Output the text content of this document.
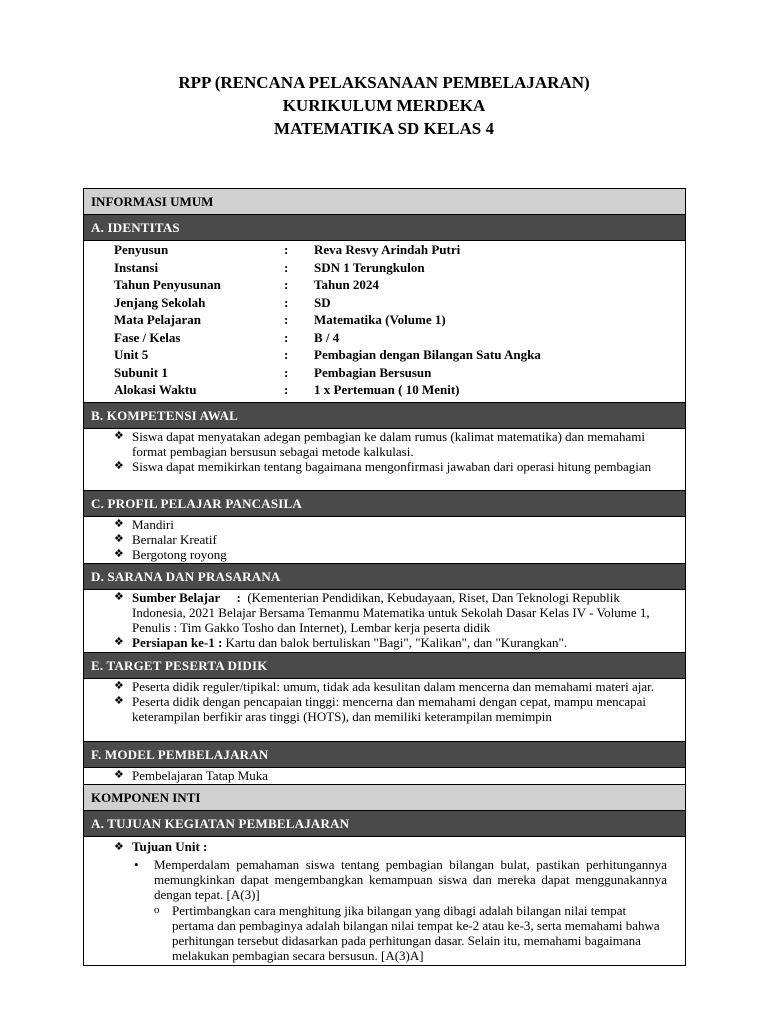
RPP (RENCANA PELAKSANAAN PEMBELAJARAN)
KURIKULUM MERDEKA
MATEMATIKA SD KELAS 4
INFORMASI UMUM
A. IDENTITAS
Penyusun	:	Reva Resvy Arindah Putri
Instansi	:	SDN 1 Terungkulon
Tahun Penyusunan	:	Tahun 2024
Jenjang Sekolah	:	SD
Mata Pelajaran	:	Matematika (Volume 1)
Fase / Kelas	:	B / 4
Unit 5	:	Pembagian dengan Bilangan Satu Angka
Subunit 1	:	Pembagian Bersusun
Alokasi Waktu	:	1 x Pertemuan ( 10 Menit)
B. KOMPETENSI AWAL
❖ Siswa dapat menyatakan adegan pembagian ke dalam rumus (kalimat matematika) dan memahami format pembagian bersusun sebagai metode kalkulasi.
❖ Siswa dapat memikirkan tentang bagaimana mengonfirmasi jawaban dari operasi hitung pembagian
C. PROFIL PELAJAR PANCASILA
❖ Mandiri
❖ Bernalar Kreatif
❖ Bergotong royong
D. SARANA DAN PRASARANA
❖ Sumber Belajar : (Kementerian Pendidikan, Kebudayaan, Riset, Dan Teknologi Republik Indonesia, 2021 Belajar Bersama Temanmu Matematika untuk Sekolah Dasar Kelas IV - Volume 1, Penulis : Tim Gakko Tosho dan Internet), Lembar kerja peserta didik
❖ Persiapan ke-1 : Kartu dan balok bertuliskan "Bagi", "Kalikan", dan "Kurangkan".
E. TARGET PESERTA DIDIK
❖ Peserta didik reguler/tipikal: umum, tidak ada kesulitan dalam mencerna dan memahami materi ajar.
❖ Peserta didik dengan pencapaian tinggi: mencerna dan memahami dengan cepat, mampu mencapai keterampilan berfikir aras tinggi (HOTS), dan memiliki keterampilan memimpin
F. MODEL PEMBELAJARAN
❖ Pembelajaran Tatap Muka
KOMPONEN INTI
A. TUJUAN KEGIATAN PEMBELAJARAN
❖ Tujuan Unit :
•	Memperdalam pemahaman siswa tentang pembagian bilangan bulat, pastikan perhitungannya memungkinkan dapat mengembangkan kemampuan siswa dan mereka dapat menggunakannya dengan tepat. [A(3)]
o Pertimbangkan cara menghitung jika bilangan yang dibagi adalah bilangan nilai tempat pertama dan pembaginya adalah bilangan nilai tempat ke-2 atau ke-3, serta memahami bahwa perhitungan tersebut didasarkan pada perhitungan dasar. Selain itu, memahami bagaimana melakukan pembagian secara bersusun. [A(3)A]
